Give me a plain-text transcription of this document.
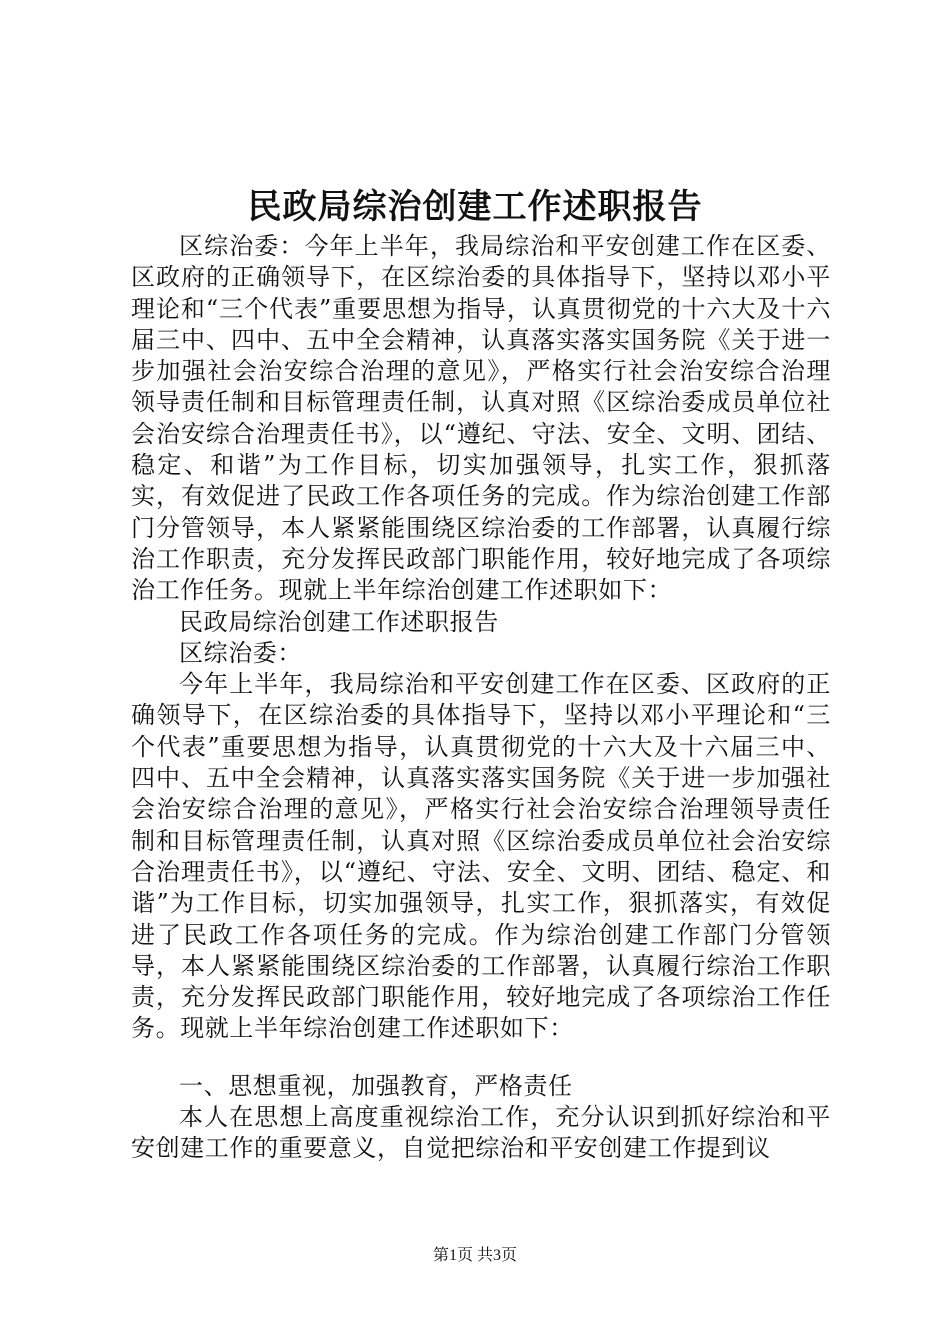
民政局综治创建工作述职报告

区综治委：今年上半年，我局综治和平安创建工作在区委、区政府的正确领导下，在区综治委的具体指导下，坚持以邓小平理论和“三个代表”重要思想为指导，认真贯彻党的十六大及十六届三中、四中、五中全会精神，认真落实落实国务院《关于进一步加强社会治安综合治理的意见》，严格实行社会治安综合治理领导责任制和目标管理责任制，认真对照《区综治委成员单位社会治安综合治理责任书》，以“遵纪、守法、安全、文明、团结、稳定、和谐”为工作目标，切实加强领导，扎实工作，狠抓落实，有效促进了民政工作各项任务的完成。作为综治创建工作部门分管领导，本人紧紧能围绕区综治委的工作部署，认真履行综治工作职责，充分发挥民政部门职能作用，较好地完成了各项综治工作任务。现就上半年综治创建工作述职如下：

民政局综治创建工作述职报告

区综治委：

今年上半年，我局综治和平安创建工作在区委、区政府的正确领导下，在区综治委的具体指导下，坚持以邓小平理论和“三个代表”重要思想为指导，认真贯彻党的十六大及十六届三中、四中、五中全会精神，认真落实落实国务院《关于进一步加强社会治安综合治理的意见》，严格实行社会治安综合治理领导责任制和目标管理责任制，认真对照《区综治委成员单位社会治安综合治理责任书》，以“遵纪、守法、安全、文明、团结、稳定、和谐”为工作目标，切实加强领导，扎实工作，狠抓落实，有效促进了民政工作各项任务的完成。作为综治创建工作部门分管领导，本人紧紧能围绕区综治委的工作部署，认真履行综治工作职责，充分发挥民政部门职能作用，较好地完成了各项综治工作任务。现就上半年综治创建工作述职如下：

一、思想重视，加强教育，严格责任

本人在思想上高度重视综治工作，充分认识到抓好综治和平安创建工作的重要意义，自觉把综治和平安创建工作提到议

第1页 共3页
